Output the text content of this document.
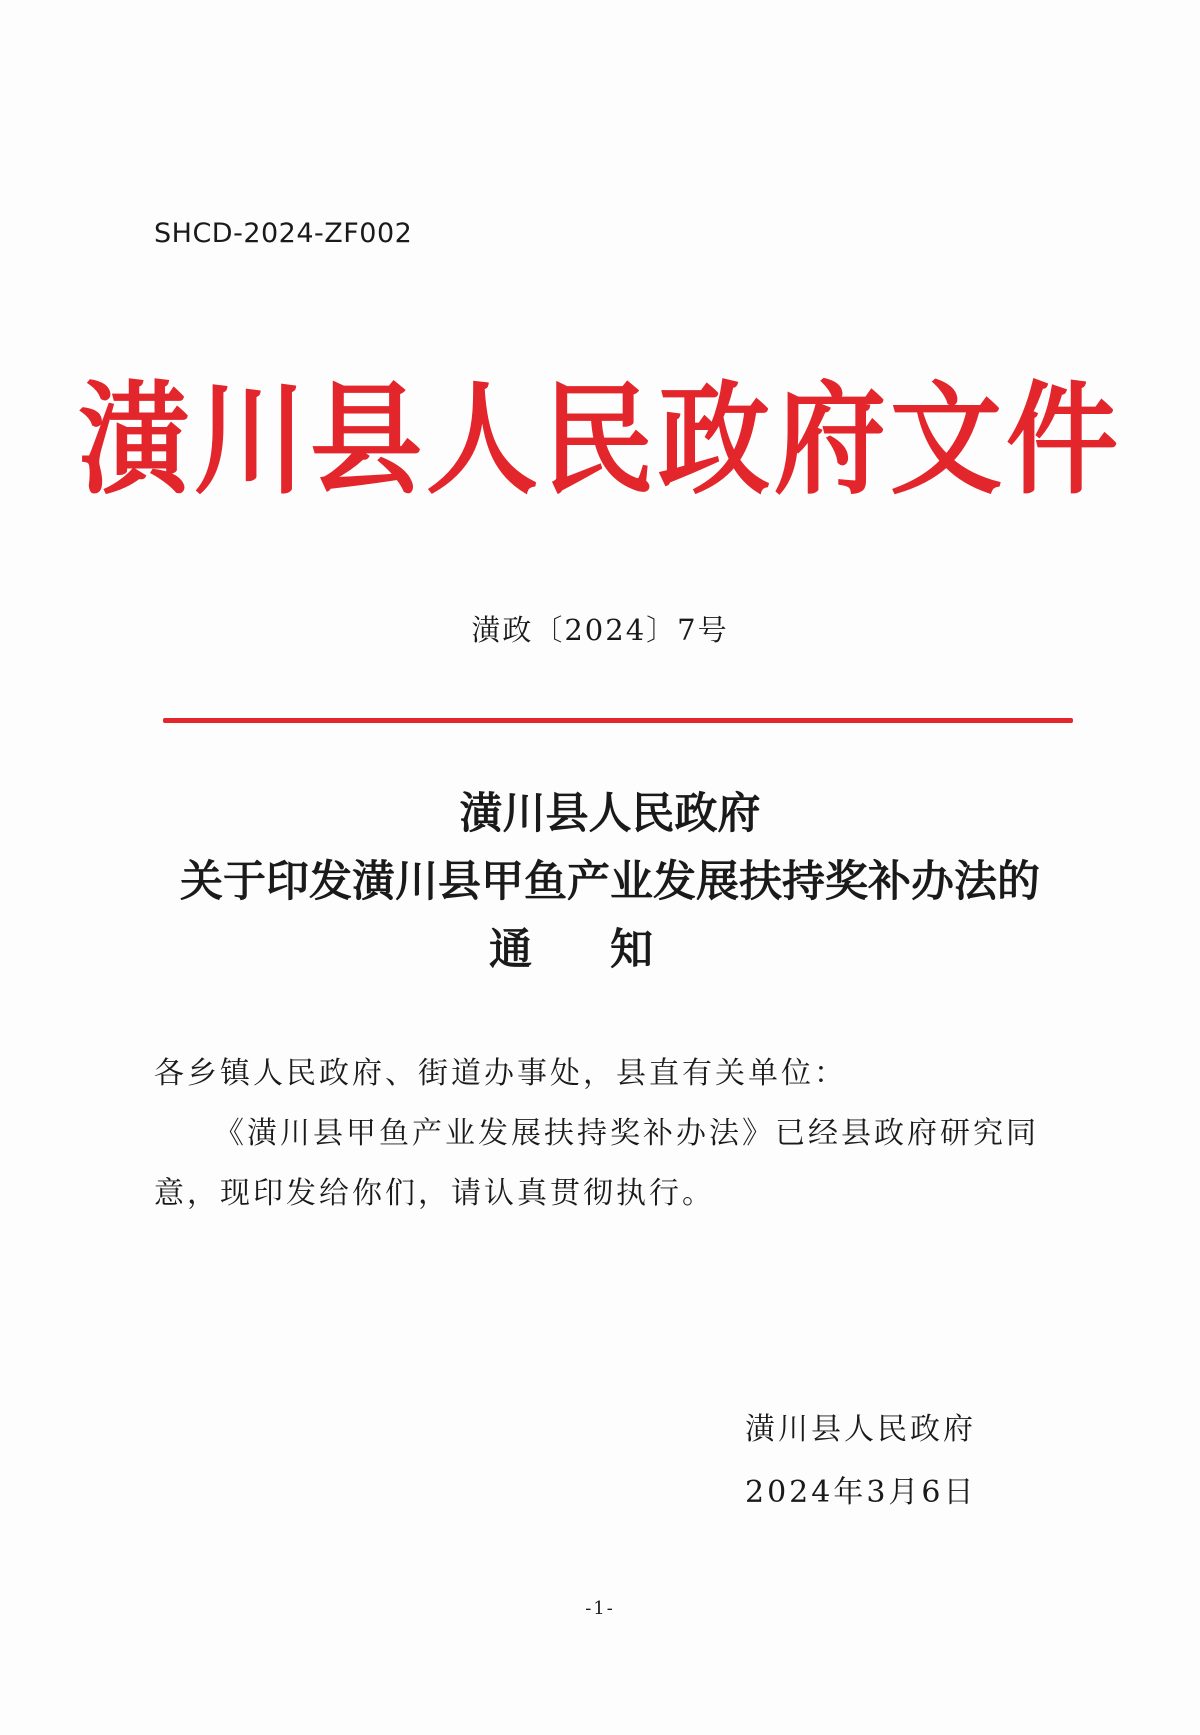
SHCD-2024-ZF002
潢川县人民政府文件
潢政〔2024〕7号
潢川县人民政府
关于印发潢川县甲鱼产业发展扶持奖补办法的
通知

各乡镇人民政府、街道办事处，县直有关单位：

《潢川县甲鱼产业发展扶持奖补办法》已经县政府研究同意，现印发给你们，请认真贯彻执行。

潢川县人民政府
2024年3月6日
-1-
